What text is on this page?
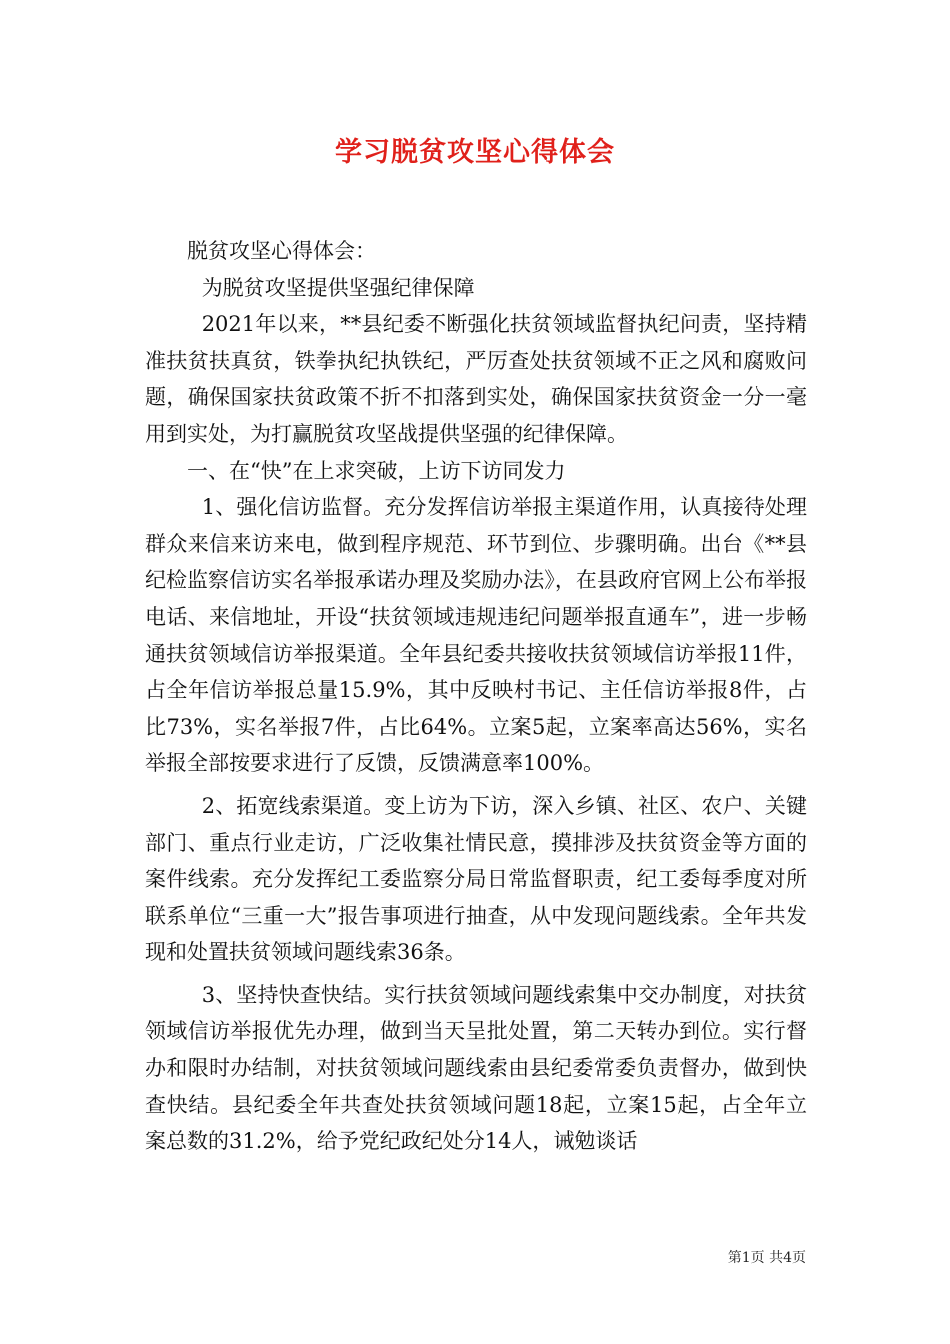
学习脱贫攻坚心得体会

脱贫攻坚心得体会：

为脱贫攻坚提供坚强纪律保障

2021年以来，**县纪委不断强化扶贫领域监督执纪问责，坚持精准扶贫扶真贫，铁拳执纪执铁纪，严厉查处扶贫领域不正之风和腐败问题，确保国家扶贫政策不折不扣落到实处，确保国家扶贫资金一分一毫用到实处，为打赢脱贫攻坚战提供坚强的纪律保障。

一、在“快”在上求突破，上访下访同发力

1、强化信访监督。充分发挥信访举报主渠道作用，认真接待处理群众来信来访来电，做到程序规范、环节到位、步骤明确。出台《**县纪检监察信访实名举报承诺办理及奖励办法》，在县政府官网上公布举报电话、来信地址，开设“扶贫领域违规违纪问题举报直通车”，进一步畅通扶贫领域信访举报渠道。全年县纪委共接收扶贫领域信访举报11件，占全年信访举报总量15.9%，其中反映村书记、主任信访举报8件，占比73%，实名举报7件，占比64%。立案5起，立案率高达56%，实名举报全部按要求进行了反馈，反馈满意率100%。

2、拓宽线索渠道。变上访为下访，深入乡镇、社区、农户、关键部门、重点行业走访，广泛收集社情民意，摸排涉及扶贫资金等方面的案件线索。充分发挥纪工委监察分局日常监督职责，纪工委每季度对所联系单位“三重一大”报告事项进行抽查，从中发现问题线索。全年共发现和处置扶贫领域问题线索36条。

3、坚持快查快结。实行扶贫领域问题线索集中交办制度，对扶贫领域信访举报优先办理，做到当天呈批处置，第二天转办到位。实行督办和限时办结制，对扶贫领域问题线索由县纪委常委负责督办，做到快查快结。县纪委全年共查处扶贫领域问题18起，立案15起，占全年立案总数的31.2%，给予党纪政纪处分14人，诫勉谈话

第1页 共4页
